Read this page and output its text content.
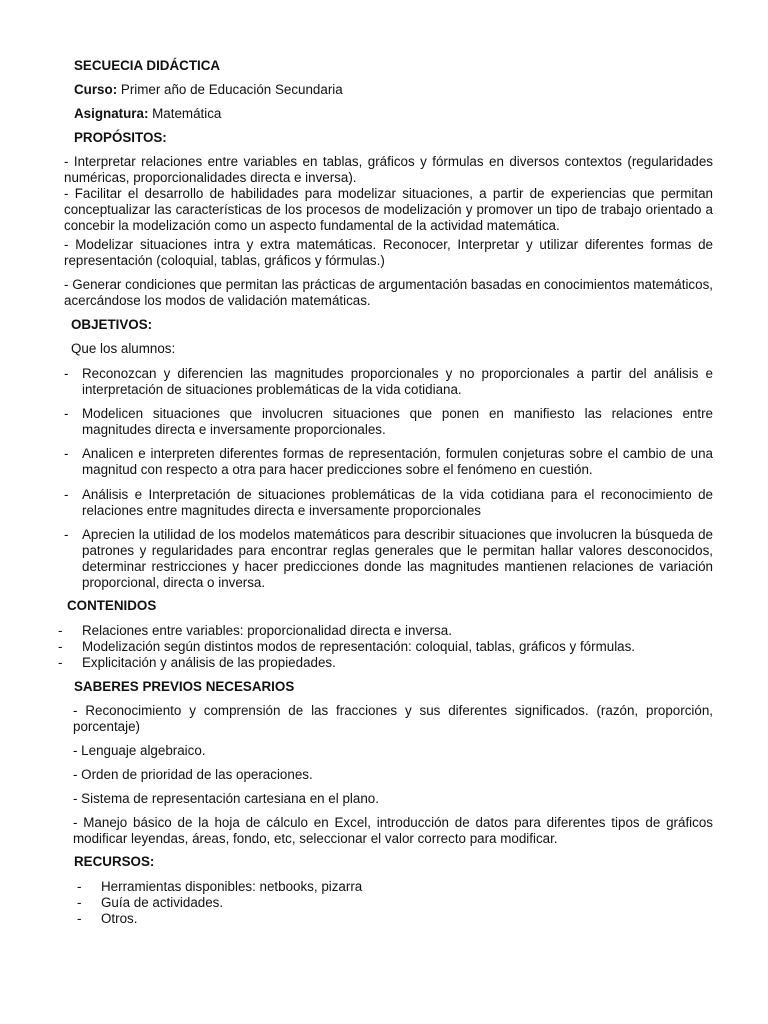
SECUECIA DIDÁCTICA
Curso: Primer año de Educación Secundaria
Asignatura: Matemática
PROPÓSITOS:
- Interpretar relaciones entre variables en tablas, gráficos y fórmulas en diversos contextos (regularidades numéricas, proporcionalidades directa e inversa).
- Facilitar el desarrollo de habilidades para modelizar situaciones, a partir de experiencias que permitan conceptualizar las características de los procesos de modelización y promover un tipo de trabajo orientado a concebir la modelización como un aspecto fundamental de la actividad matemática.
- Modelizar situaciones intra y extra matemáticas. Reconocer, Interpretar y utilizar diferentes formas de representación (coloquial, tablas, gráficos y fórmulas.)
- Generar condiciones que permitan las prácticas de argumentación basadas en conocimientos matemáticos, acercándose los modos de validación matemáticas.
OBJETIVOS:
Que los alumnos:
- Reconozcan y diferencien las magnitudes proporcionales y no proporcionales a partir del análisis e interpretación de situaciones problemáticas de la vida cotidiana.
- Modelicen situaciones que involucren situaciones que ponen en manifiesto las relaciones entre magnitudes directa e inversamente proporcionales.
- Analicen e interpreten diferentes formas de representación, formulen conjeturas sobre el cambio de una magnitud con respecto a otra para hacer predicciones sobre el fenómeno en cuestión.
- Análisis e Interpretación de situaciones problemáticas de la vida cotidiana para el reconocimiento de relaciones entre magnitudes directa e inversamente proporcionales
- Aprecien la utilidad de los modelos matemáticos para describir situaciones que involucren la búsqueda de patrones y regularidades para encontrar reglas generales que le permitan hallar valores desconocidos, determinar restricciones y hacer predicciones donde las magnitudes mantienen relaciones de variación proporcional, directa o inversa.
CONTENIDOS
- Relaciones entre variables: proporcionalidad directa e inversa.
- Modelización según distintos modos de representación: coloquial, tablas, gráficos y fórmulas.
- Explicitación y análisis de las propiedades.
SABERES PREVIOS NECESARIOS
- Reconocimiento y comprensión de las fracciones y sus diferentes significados. (razón, proporción, porcentaje)
- Lenguaje algebraico.
- Orden de prioridad de las operaciones.
- Sistema de representación cartesiana en el plano.
- Manejo básico de la hoja de cálculo en Excel, introducción de datos para diferentes tipos de gráficos modificar leyendas, áreas, fondo, etc, seleccionar el valor correcto para modificar.
RECURSOS:
- Herramientas disponibles: netbooks, pizarra
- Guía de actividades.
- Otros.
